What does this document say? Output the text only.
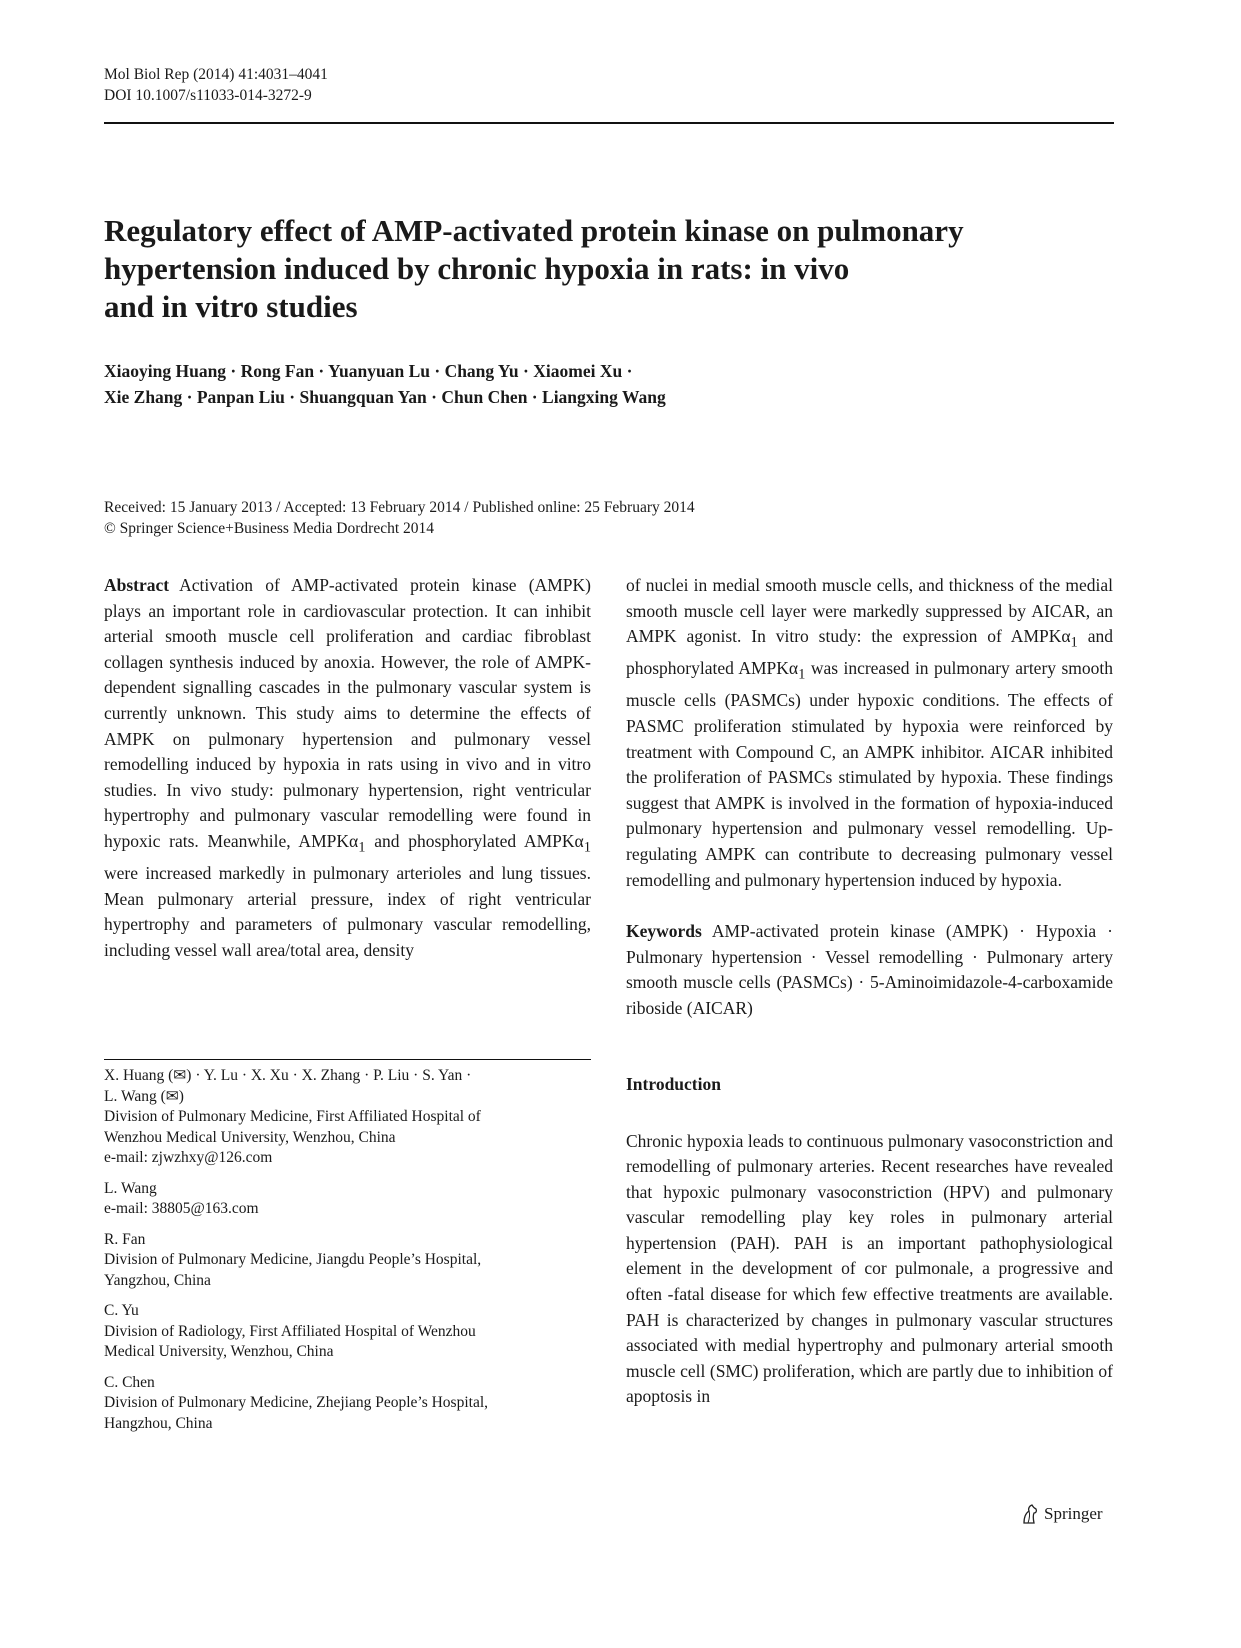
Mol Biol Rep (2014) 41:4031–4041
DOI 10.1007/s11033-014-3272-9
Regulatory effect of AMP-activated protein kinase on pulmonary
hypertension induced by chronic hypoxia in rats: in vivo
and in vitro studies
Xiaoying Huang · Rong Fan · Yuanyuan Lu · Chang Yu · Xiaomei Xu ·
Xie Zhang · Panpan Liu · Shuangquan Yan · Chun Chen · Liangxing Wang
Received: 15 January 2013 / Accepted: 13 February 2014 / Published online: 25 February 2014
© Springer Science+Business Media Dordrecht 2014

Abstract Activation of AMP-activated protein kinase (AMPK) plays an important role in cardiovascular protection. It can inhibit arterial smooth muscle cell proliferation and cardiac fibroblast collagen synthesis induced by anoxia. However, the role of AMPK-dependent signalling cascades in the pulmonary vascular system is currently unknown. This study aims to determine the effects of AMPK on pulmonary hypertension and pulmonary vessel remodelling induced by hypoxia in rats using in vivo and in vitro studies. In vivo study: pulmonary hypertension, right ventricular hypertrophy and pulmonary vascular remodelling were found in hypoxic rats. Meanwhile, AMPKα$_1$ and phosphorylated AMPKα$_1$ were increased markedly in pulmonary arterioles and lung tissues. Mean pulmonary arterial pressure, index of right ventricular hypertrophy and parameters of pulmonary vascular remodelling, including vessel wall area/total area, density

X. Huang (✉) · Y. Lu · X. Xu · X. Zhang · P. Liu · S. Yan ·
L. Wang (✉)
Division of Pulmonary Medicine, First Affiliated Hospital of
Wenzhou Medical University, Wenzhou, China
e-mail: zjwzhxy@126.com
L. Wang
e-mail: 38805@163.com
R. Fan
Division of Pulmonary Medicine, Jiangdu People’s Hospital,
Yangzhou, China
C. Yu
Division of Radiology, First Affiliated Hospital of Wenzhou
Medical University, Wenzhou, China
C. Chen
Division of Pulmonary Medicine, Zhejiang People’s Hospital,
Hangzhou, China

of nuclei in medial smooth muscle cells, and thickness of the medial smooth muscle cell layer were markedly suppressed by AICAR, an AMPK agonist. In vitro study: the expression of AMPKα$_1$ and phosphorylated AMPKα$_1$ was increased in pulmonary artery smooth muscle cells (PASMCs) under hypoxic conditions. The effects of PASMC proliferation stimulated by hypoxia were reinforced by treatment with Compound C, an AMPK inhibitor. AICAR inhibited the proliferation of PASMCs stimulated by hypoxia. These findings suggest that AMPK is involved in the formation of hypoxia-induced pulmonary hypertension and pulmonary vessel remodelling. Up-regulating AMPK can contribute to decreasing pulmonary vessel remodelling and pulmonary hypertension induced by hypoxia.

Keywords AMP-activated protein kinase (AMPK) · Hypoxia · Pulmonary hypertension · Vessel remodelling · Pulmonary artery smooth muscle cells (PASMCs) · 5-Aminoimidazole-4-carboxamide riboside (AICAR)

Introduction

Chronic hypoxia leads to continuous pulmonary vasoconstriction and remodelling of pulmonary arteries. Recent researches have revealed that hypoxic pulmonary vasoconstriction (HPV) and pulmonary vascular remodelling play key roles in pulmonary arterial hypertension (PAH). PAH is an important pathophysiological element in the development of cor pulmonale, a progressive and often -fatal disease for which few effective treatments are available. PAH is characterized by changes in pulmonary vascular structures associated with medial hypertrophy and pulmonary arterial smooth muscle cell (SMC) proliferation, which are partly due to inhibition of apoptosis in

Springer
